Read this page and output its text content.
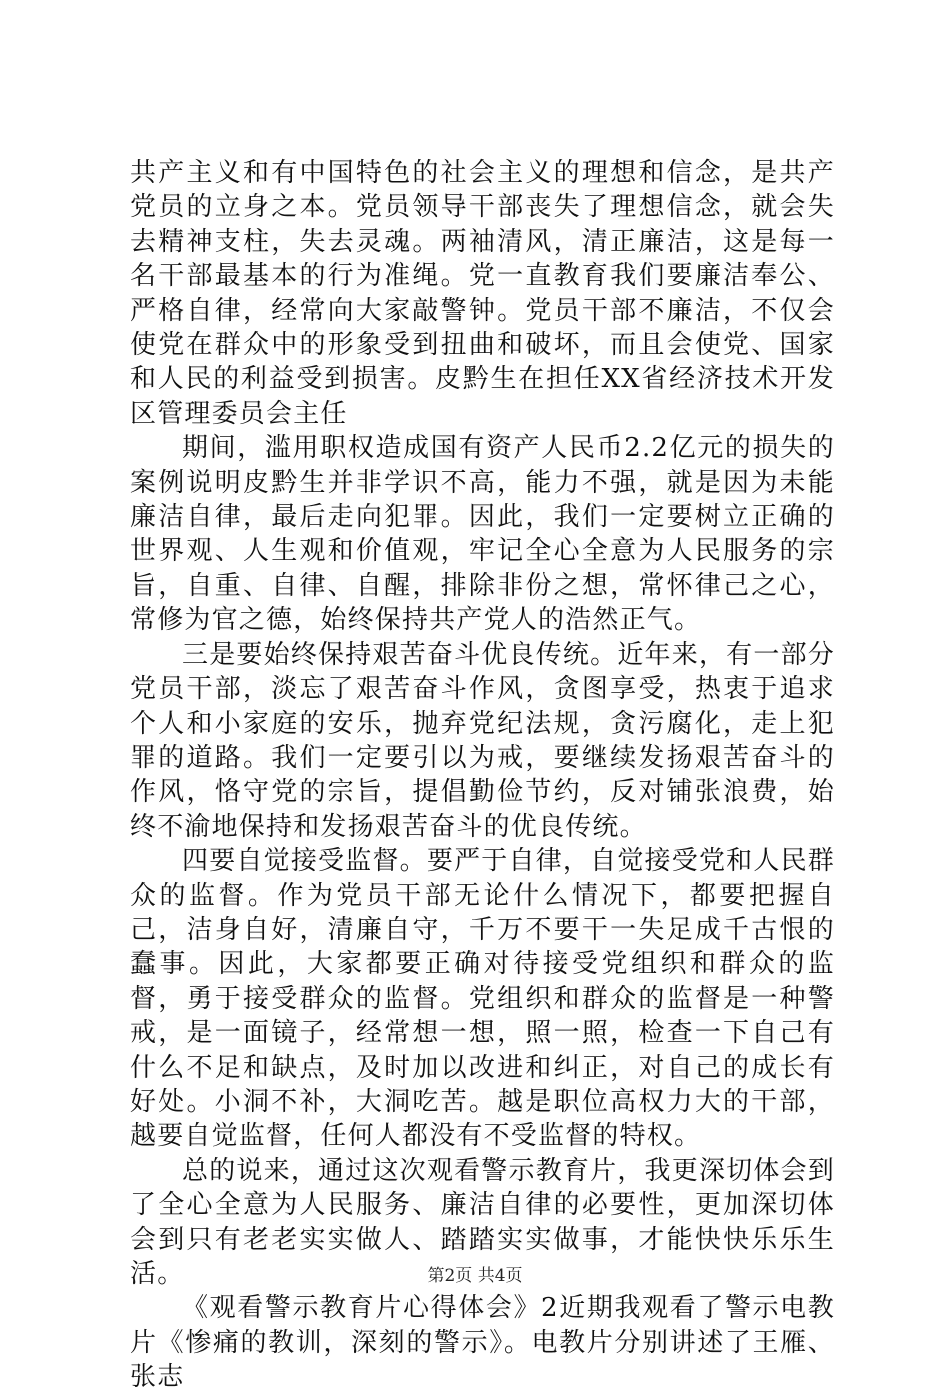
共产主义和有中国特色的社会主义的理想和信念，是共产党员的立身之本。党员领导干部丧失了理想信念，就会失去精神支柱，失去灵魂。两袖清风，清正廉洁，这是每一名干部最基本的行为准绳。党一直教育我们要廉洁奉公、严格自律，经常向大家敲警钟。党员干部不廉洁，不仅会使党在群众中的形象受到扭曲和破坏，而且会使党、国家和人民的利益受到损害。皮黔生在担任XX省经济技术开发区管理委员会主任

期间，滥用职权造成国有资产人民币2.2亿元的损失的案例说明皮黔生并非学识不高，能力不强，就是因为未能廉洁自律，最后走向犯罪。因此，我们一定要树立正确的世界观、人生观和价值观，牢记全心全意为人民服务的宗旨，自重、自律、自醒，排除非份之想，常怀律己之心，常修为官之德，始终保持共产党人的浩然正气。

三是要始终保持艰苦奋斗优良传统。近年来，有一部分党员干部，淡忘了艰苦奋斗作风，贪图享受，热衷于追求个人和小家庭的安乐，抛弃党纪法规，贪污腐化，走上犯罪的道路。我们一定要引以为戒，要继续发扬艰苦奋斗的作风，恪守党的宗旨，提倡勤俭节约，反对铺张浪费，始终不渝地保持和发扬艰苦奋斗的优良传统。

四要自觉接受监督。要严于自律，自觉接受党和人民群众的监督。作为党员干部无论什么情况下，都要把握自己，洁身自好，清廉自守，千万不要干一失足成千古恨的蠢事。因此，大家都要正确对待接受党组织和群众的监督，勇于接受群众的监督。党组织和群众的监督是一种警戒，是一面镜子，经常想一想，照一照，检查一下自己有什么不足和缺点，及时加以改进和纠正，对自己的成长有好处。小洞不补，大洞吃苦。越是职位高权力大的干部，越要自觉监督，任何人都没有不受监督的特权。

总的说来，通过这次观看警示教育片，我更深切体会到了全心全意为人民服务、廉洁自律的必要性，更加深切体会到只有老老实实做人、踏踏实实做事，才能快快乐乐生活。

《观看警示教育片心得体会》2近期我观看了警示电教片《惨痛的教训，深刻的警示》。电教片分别讲述了王雁、张志

第2页 共4页
